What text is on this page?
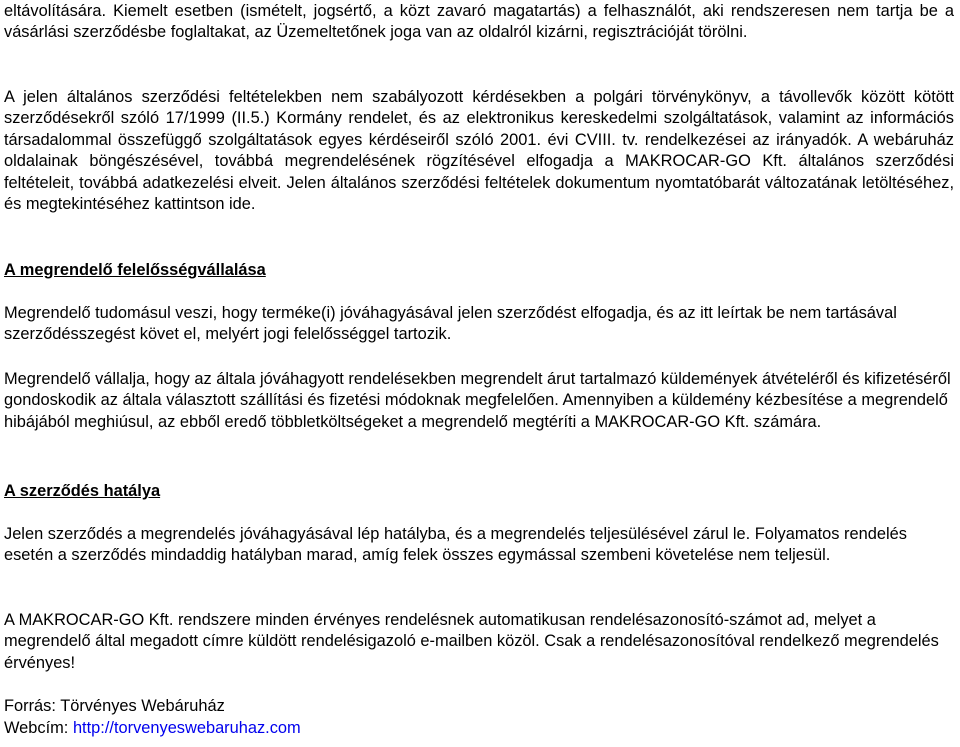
eltávolítására. Kiemelt esetben (ismételt, jogsértő, a közt zavaró magatartás) a felhasználót, aki rendszeresen nem tartja be a vásárlási szerződésbe foglaltakat, az Üzemeltetőnek joga van az oldalról kizárni, regisztrációját törölni.

A jelen általános szerződési feltételekben nem szabályozott kérdésekben a polgári törvénykönyv, a távollevők között kötött szerződésekről szóló 17/1999 (II.5.) Kormány rendelet, és az elektronikus kereskedelmi szolgáltatások, valamint az információs társadalommal összefüggő szolgáltatások egyes kérdéseiről szóló 2001. évi CVIII. tv. rendelkezései az irányadók. A webáruház oldalainak böngészésével, továbbá megrendelésének rögzítésével elfogadja a MAKROCAR-GO Kft. általános szerződési feltételeit, továbbá adatkezelési elveit. Jelen általános szerződési feltételek dokumentum nyomtatóbarát változatának letöltéséhez, és megtekintéséhez kattintson ide.

A megrendelő felelősségvállalása

Megrendelő tudomásul veszi, hogy terméke(i) jóváhagyásával jelen szerződést elfogadja, és az itt leírtak be nem tartásával szerződésszegést követ el, melyért jogi felelősséggel tartozik.

Megrendelő vállalja, hogy az általa jóváhagyott rendelésekben megrendelt árut tartalmazó küldemények átvételéről és kifizetéséről gondoskodik az általa választott szállítási és fizetési módoknak megfelelően. Amennyiben a küldemény kézbesítése a megrendelő hibájából meghiúsul, az ebből eredő többletköltségeket a megrendelő megtéríti a MAKROCAR-GO Kft. számára.

A szerződés hatálya

Jelen szerződés a megrendelés jóváhagyásával lép hatályba, és a megrendelés teljesülésével zárul le. Folyamatos rendelés esetén a szerződés mindaddig hatályban marad, amíg felek összes egymással szembeni követelése nem teljesül.

A MAKROCAR-GO Kft. rendszere minden érvényes rendelésnek automatikusan rendelésazonosító-számot ad, melyet a megrendelő által megadott címre küldött rendelésigazoló e-mailben közöl. Csak a rendelésazonosítóval rendelkező megrendelés érvényes!

Forrás: Törvényes Webáruház

Webcím: http://torvenyeswebaruhaz.com
